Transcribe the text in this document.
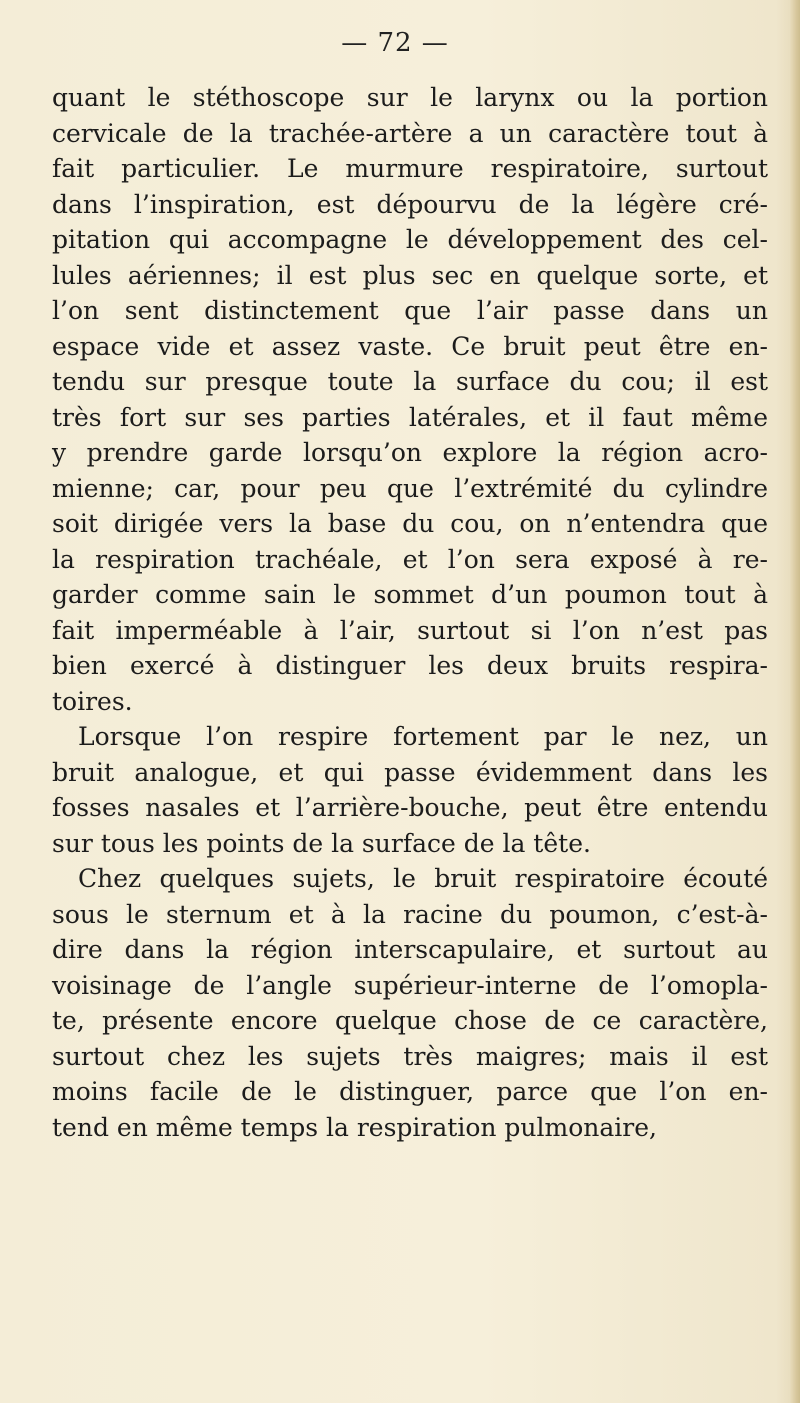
— 72 —
quant le stéthoscope sur le larynx ou la portion
cervicale de la trachée-artère a un caractère tout à
fait particulier. Le murmure respiratoire, surtout
dans l’inspiration, est dépourvu de la légère cré-
pitation qui accompagne le développement des cel-
lules aériennes; il est plus sec en quelque sorte, et
l’on sent distinctement que l’air passe dans un
espace vide et assez vaste. Ce bruit peut être en-
tendu sur presque toute la surface du cou; il est
très fort sur ses parties latérales, et il faut même
y prendre garde lorsqu’on explore la région acro-
mienne; car, pour peu que l’extrémité du cylindre
soit dirigée vers la base du cou, on n’entendra que
la respiration trachéale, et l’on sera exposé à re-
garder comme sain le sommet d’un poumon tout à
fait imperméable à l’air, surtout si l’on n’est pas
bien exercé à distinguer les deux bruits respira-
toires.
Lorsque l’on respire fortement par le nez, un
bruit analogue, et qui passe évidemment dans les
fosses nasales et l’arrière-bouche, peut être entendu
sur tous les points de la surface de la tête.
Chez quelques sujets, le bruit respiratoire écouté
sous le sternum et à la racine du poumon, c’est-à-
dire dans la région interscapulaire, et surtout au
voisinage de l’angle supérieur-interne de l’omopla-
te, présente encore quelque chose de ce caractère,
surtout chez les sujets très maigres; mais il est
moins facile de le distinguer, parce que l’on en-
tend en même temps la respiration pulmonaire,
